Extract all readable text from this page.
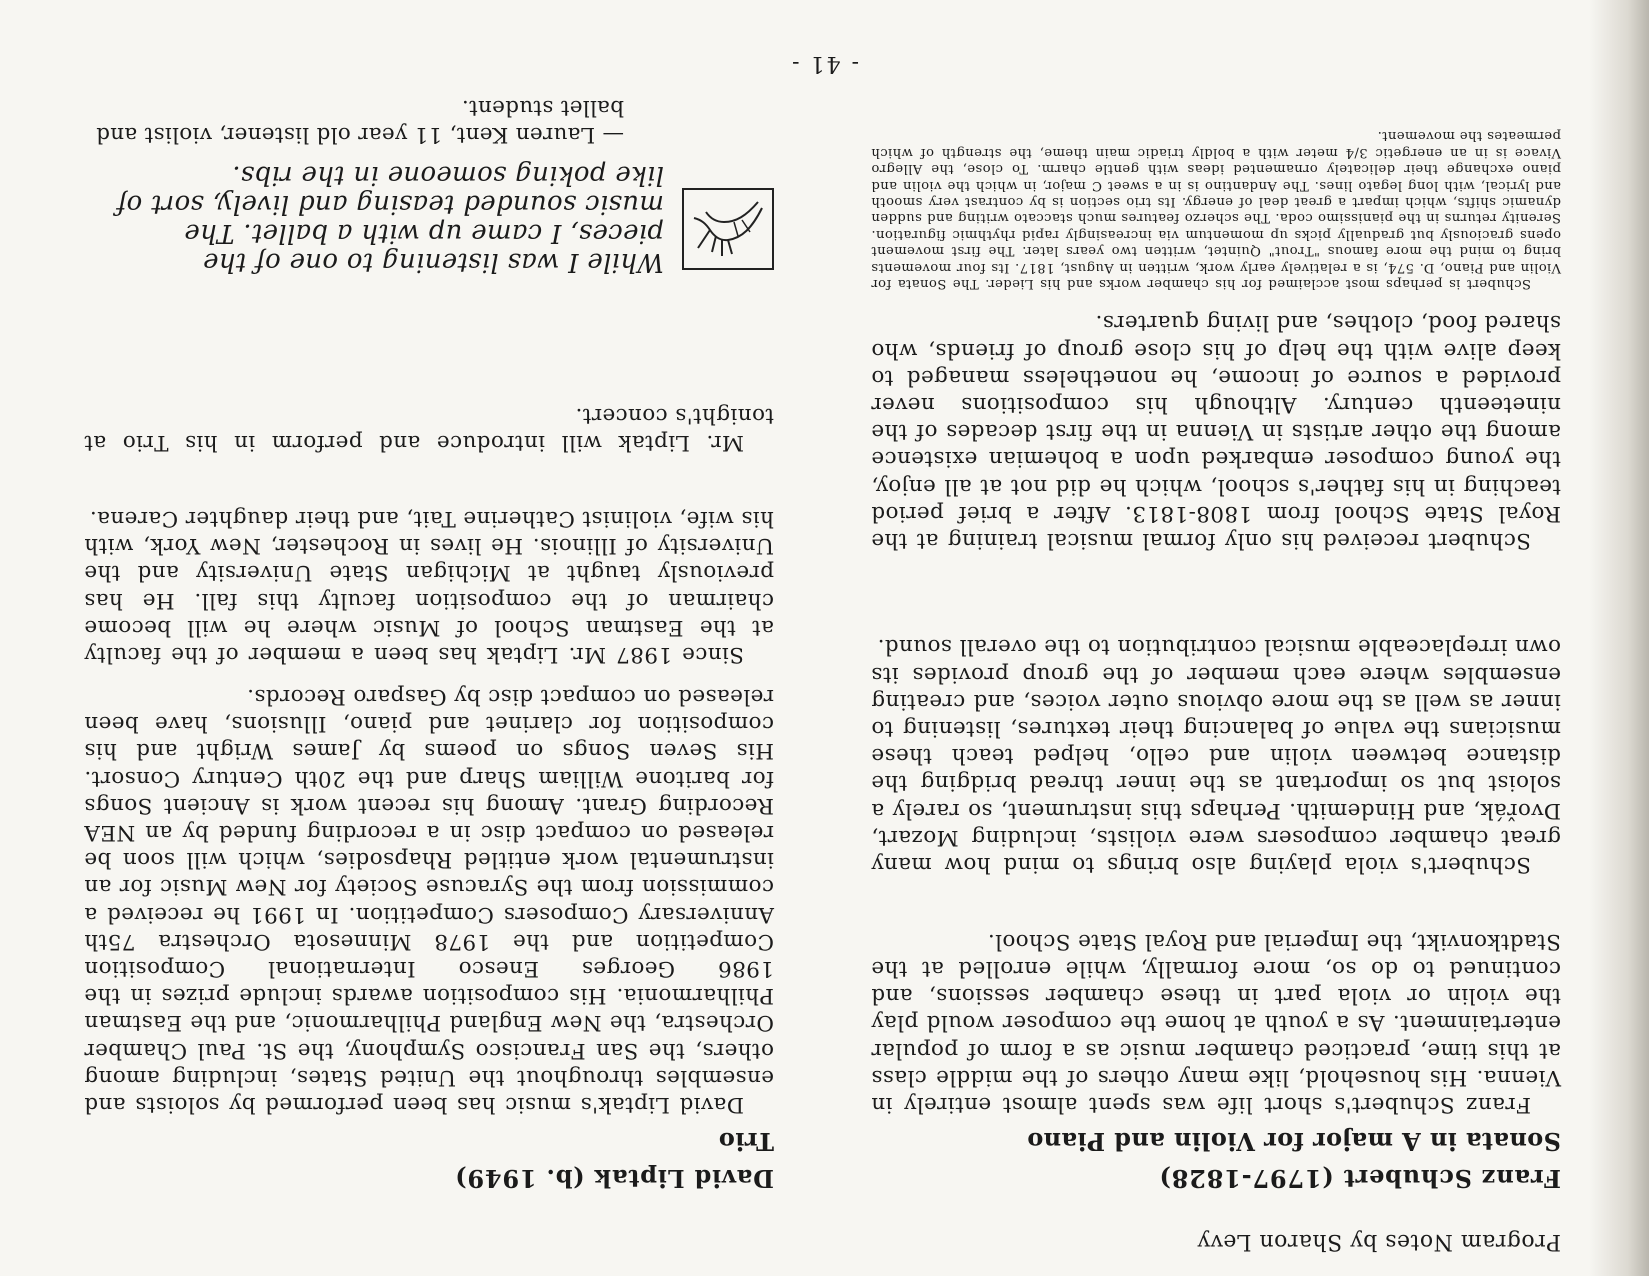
Program Notes by Sharon Levy
Franz Schubert (1797-1828)
Sonata in A major for Violin and Piano
Franz Schubert's short life was spent almost entirely in Vienna. His household, like many others of the middle class at this time, practiced chamber music as a form of popular entertainment. As a youth at home the composer would play the violin or viola part in these chamber sessions, and continued to do so, more formally, while enrolled at the Stadtkonvikt, the Imperial and Royal State School.
Schubert's viola playing also brings to mind how many great chamber composers were violists, including Mozart, Dvořák, and Hindemith. Perhaps this instrument, so rarely a soloist but so important as the inner thread bridging the distance between violin and cello, helped teach these musicians the value of balancing their textures, listening to inner as well as the more obvious outer voices, and creating ensembles where each member of the group provides its own irreplaceable musical contribution to the overall sound.
Schubert received his only formal musical training at the Royal State School from 1808-1813. After a brief period teaching in his father's school, which he did not at all enjoy, the young composer embarked upon a bohemian existence among the other artists in Vienna in the first decades of the nineteenth century. Although his compositions never provided a source of income, he nonetheless managed to keep alive with the help of his close group of friends, who shared food, clothes, and living quarters.
Schubert is perhaps most acclaimed for his chamber works and his Lieder. The Sonata for Violin and Piano, D. 574, is a relatively early work, written in August, 1817. Its four movements bring to mind the more famous "Trout" Quintet, written two years later. The first movement opens graciously but gradually picks up momentum via increasingly rapid rhythmic figuration. Serenity returns in the pianissimo coda. The scherzo features much staccato writing and sudden dynamic shifts, which impart a great deal of energy. Its trio section is by contrast very smooth and lyrical, with long legato lines. The Andantino is in a sweet C major, in which the violin and piano exchange their delicately ornamented ideas with gentle charm. To close, the Allegro Vivace is in an energetic 3/4 meter with a boldly triadic main theme, the strength of which permeates the movement.
David Liptak (b. 1949)
Trio
David Liptak's music has been performed by soloists and ensembles throughout the United States, including among others, the San Francisco Symphony, the St. Paul Chamber Orchestra, the New England Philharmonic, and the Eastman Philharmonia. His composition awards include prizes in the 1986 Georges Enesco International Composition Competition and the 1978 Minnesota Orchestra 75th Anniversary Composers Competition. In 1991 he received a commission from the Syracuse Society for New Music for an instrumental work entitled Rhapsodies, which will soon be released on compact disc in a recording funded by an NEA Recording Grant. Among his recent work is Ancient Songs for baritone William Sharp and the 20th Century Consort. His Seven Songs on poems by James Wright and his composition for clarinet and piano, Illusions, have been released on compact disc by Gasparo Records.
Since 1987 Mr. Liptak has been a member of the faculty at the Eastman School of Music where he will become chairman of the composition faculty this fall. He has previously taught at Michigan State University and the University of Illinois. He lives in Rochester, New York, with his wife, violinist Catherine Tait, and their daughter Carena.
Mr. Liptak will introduce and perform in his Trio at tonight's concert.
While I was listening to one of the pieces, I came up with a ballet. The music sounded teasing and lively, sort of like poking someone in the ribs.
— Lauren Kent, 11 year old listener, violist and ballet student.
- 41 -
